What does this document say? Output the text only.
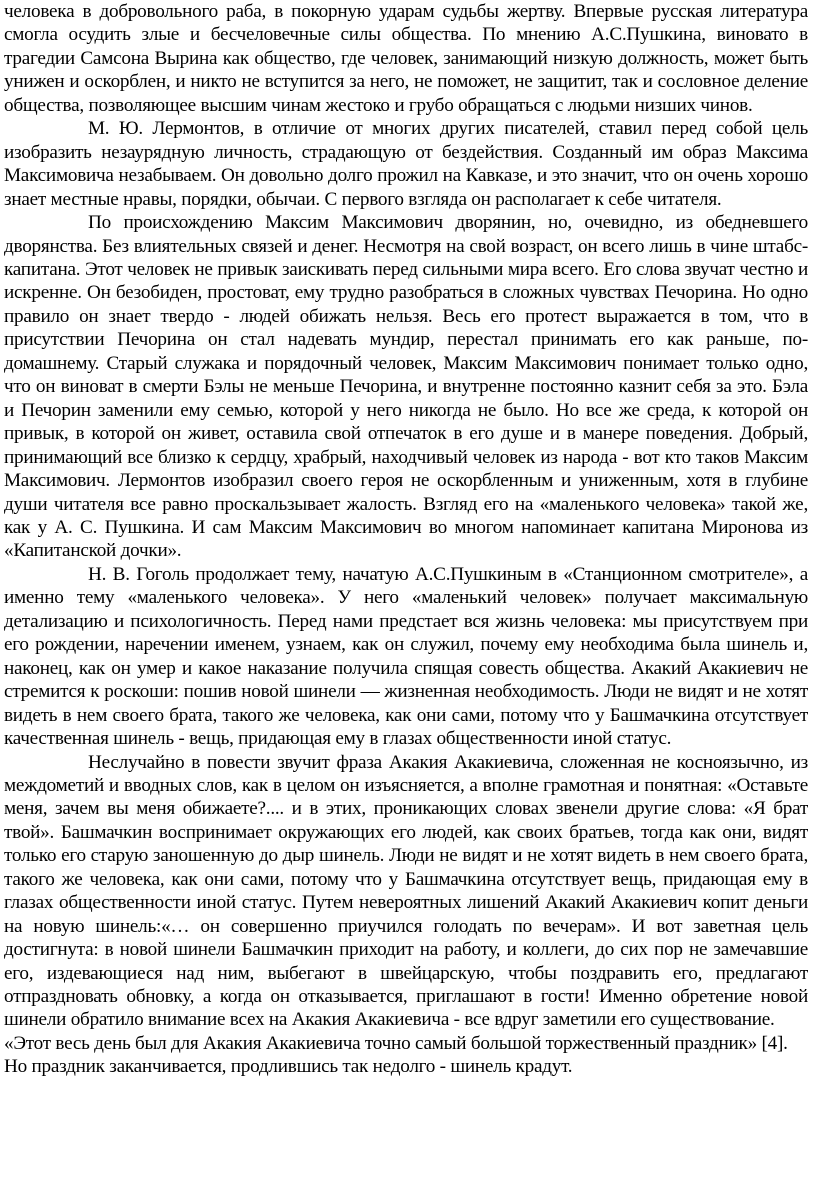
человека в добровольного раба, в покорную ударам судьбы жертву. Впервые русская литература смогла осудить злые и бесчеловечные силы общества. По мнению А.С.Пушкина, виновато в трагедии Самсона Вырина как общество, где человек, занимающий низкую должность, может быть унижен и оскорблен, и никто не вступится за него, не поможет, не защитит, так и сословное деление общества, позволяющее высшим чинам жестоко и грубо обращаться с людьми низших чинов.

М. Ю. Лермонтов, в отличие от многих других писателей, ставил перед собой цель изобразить незаурядную личность, страдающую от бездействия. Созданный им образ Максима Максимовича незабываем. Он довольно долго прожил на Кавказе, и это значит, что он очень хорошо знает местные нравы, порядки, обычаи. С первого взгляда он располагает к себе читателя.

По происхождению Максим Максимович дворянин, но, очевидно, из обедневшего дворянства. Без влиятельных связей и денег. Несмотря на свой возраст, он всего лишь в чине штабс-капитана. Этот человек не привык заискивать перед сильными мира всего. Его слова звучат честно и искренне. Он безобиден, простоват, ему трудно разобраться в сложных чувствах Печорина. Но одно правило он знает твердо - людей обижать нельзя. Весь его протест выражается в том, что в присутствии Печорина он стал надевать мундир, перестал принимать его как раньше, по-домашнему. Старый служака и порядочный человек, Максим Максимович понимает только одно, что он виноват в смерти Бэлы не меньше Печорина, и внутренне постоянно казнит себя за это. Бэла и Печорин заменили ему семью, которой у него никогда не было. Но все же среда, к которой он привык, в которой он живет, оставила свой отпечаток в его душе и в манере поведения. Добрый, принимающий все близко к сердцу, храбрый, находчивый человек из народа - вот кто таков Максим Максимович. Лермонтов изобразил своего героя не оскорбленным и униженным, хотя в глубине души читателя все равно проскальзывает жалость. Взгляд его на «маленького человека» такой же, как у А. С. Пушкина. И сам Максим Максимович во многом напоминает капитана Миронова из «Капитанской дочки».

Н. В. Гоголь продолжает тему, начатую А.С.Пушкиным в «Станционном смотрителе», а именно тему «маленького человека». У него «маленький человек» получает максимальную детализацию и психологичность. Перед нами предстает вся жизнь человека: мы присутствуем при его рождении, наречении именем, узнаем, как он служил, почему ему необходима была шинель и, наконец, как он умер и какое наказание получила спящая совесть общества. Акакий Акакиевич не стремится к роскоши: пошив новой шинели — жизненная необходимость. Люди не видят и не хотят видеть в нем своего брата, такого же человека, как они сами, потому что у Башмачкина отсутствует качественная шинель - вещь, придающая ему в глазах общественности иной статус.

Неслучайно в повести звучит фраза Акакия Акакиевича, сложенная не косноязычно, из междометий и вводных слов, как в целом он изъясняется, а вполне грамотная и понятная: «Оставьте меня, зачем вы меня обижаете?.... и в этих, проникающих словах звенели другие слова: «Я брат твой». Башмачкин воспринимает окружающих его людей, как своих братьев, тогда как они, видят только его старую заношенную до дыр шинель. Люди не видят и не хотят видеть в нем своего брата, такого же человека, как они сами, потому что у Башмачкина отсутствует вещь, придающая ему в глазах общественности иной статус. Путем невероятных лишений Акакий Акакиевич копит деньги на новую шинель:«… он совершенно приучился голодать по вечерам». И вот заветная цель достигнута: в новой шинели Башмачкин приходит на работу, и коллеги, до сих пор не замечавшие его, издевающиеся над ним, выбегают в швейцарскую, чтобы поздравить его, предлагают отпраздновать обновку, а когда он отказывается, приглашают в гости! Именно обретение новой шинели обратило внимание всех на Акакия Акакиевича - все вдруг заметили его существование.

«Этот весь день был для Акакия Акакиевича точно самый большой торжественный праздник» [4]. Но праздник заканчивается, продлившись так недолго - шинель крадут.
